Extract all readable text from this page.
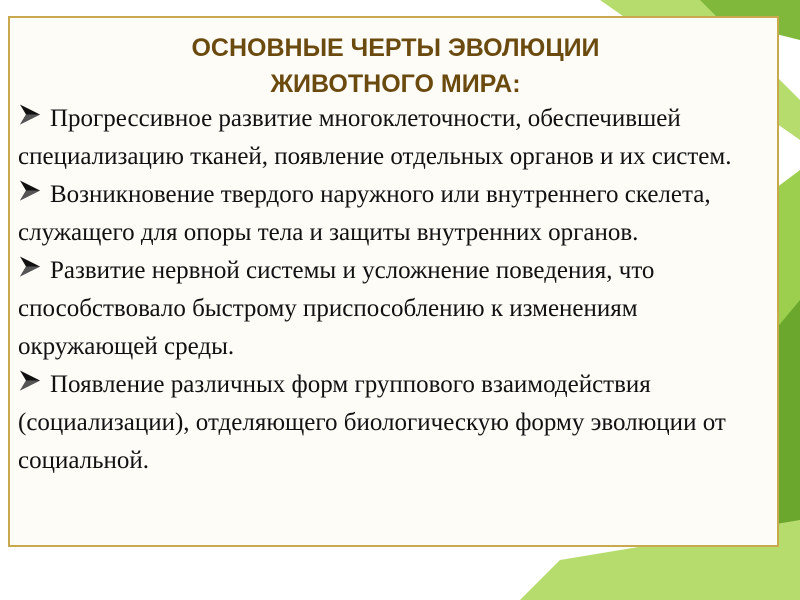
ОСНОВНЫЕ ЧЕРТЫ ЭВОЛЮЦИИ
ЖИВОТНОГО МИРА:
Прогрессивное развитие многоклеточности, обеспечившей специализацию тканей, появление отдельных органов и их систем.
Возникновение твердого наружного или внутреннего скелета, служащего для опоры тела и защиты внутренних органов.
Развитие нервной системы и усложнение поведения, что способствовало быстрому приспособлению к изменениям окружающей среды.
Появление различных форм группового взаимодействия (социализации), отделяющего биологическую форму эволюции от социальной.
